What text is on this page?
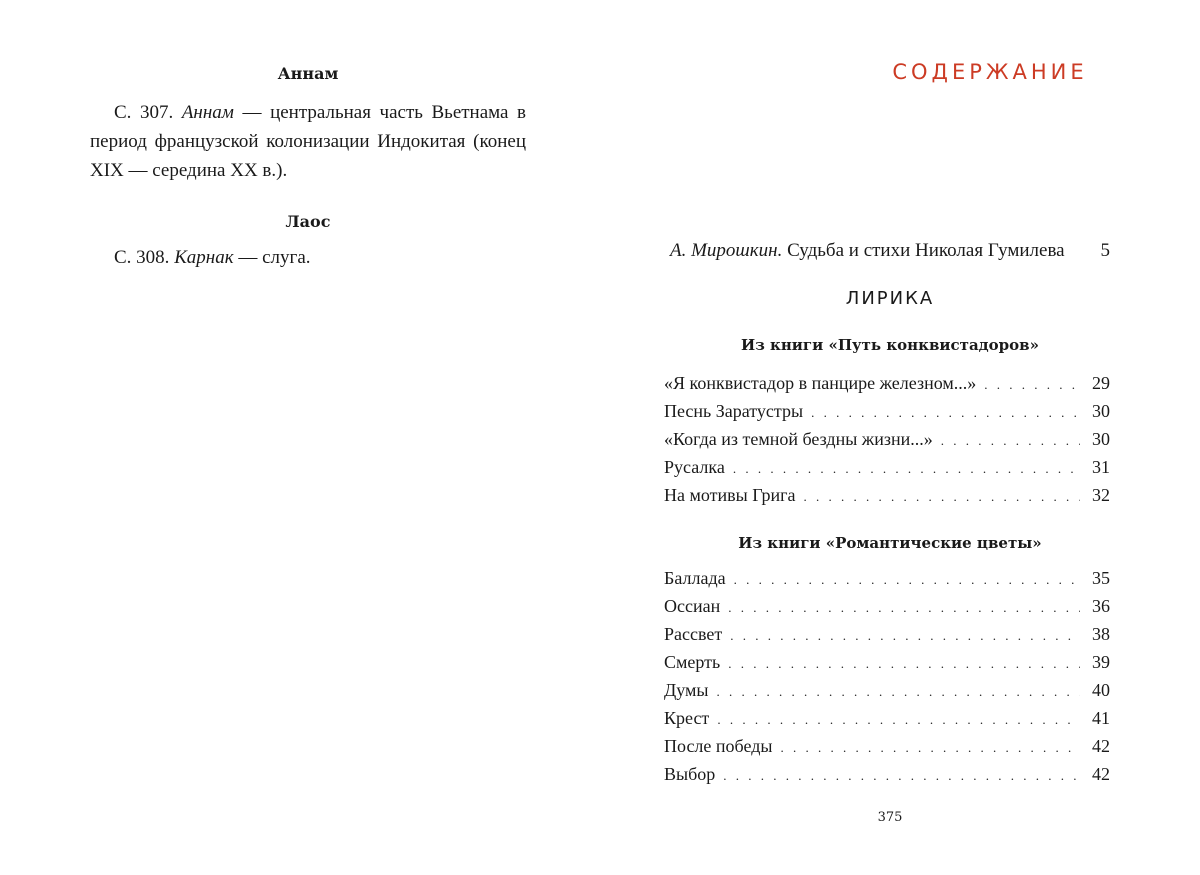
Аннам

С. 307. Аннам — центральная часть Вьетнама в период французской колонизации Индокитая (конец XIX — середина XX в.).

Лаос

С. 308. Карнак — слуга.

СОДЕРЖАНИЕ
А. Мирошкин. Судьба и стихи Николая Гумилева 5
ЛИРИКА
Из книги «Путь конквистадоров»
«Я конквистадор в панцире железном...» . . .	29
Песнь Заратустры . . .	30
«Когда из темной бездны жизни...» . . .	30
Русалка . . .	31
На мотивы Грига . . .	32
Из книги «Романтические цветы»
Баллада . . .	35
Оссиан . . .	36
Рассвет . . .	38
Смерть . . .	39
Думы . . .	40
Крест . . .	41
После победы . . .	42
Выбор . . .	42
375
